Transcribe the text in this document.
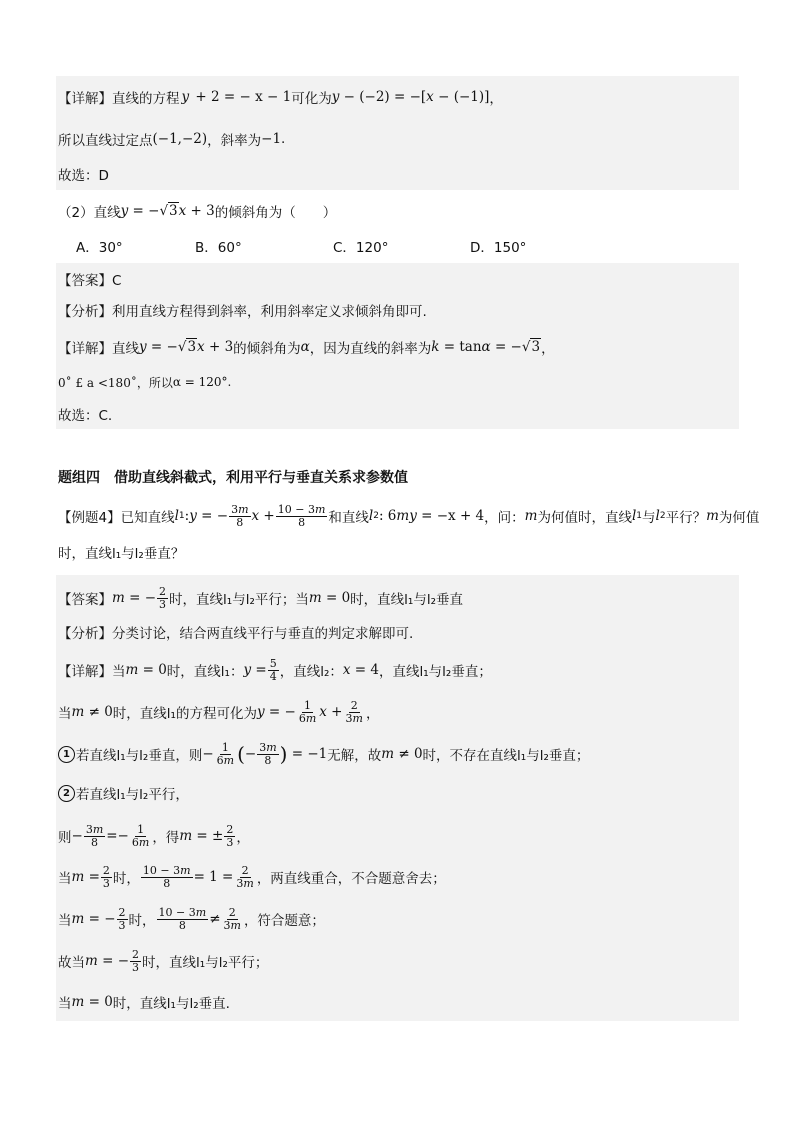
【详解】 直线的方程 y + 2 = − x − 1 可化为 y − (−2) = −[ x − (−1)] ，
所以直线过定点 (−1,−2) ，斜率为 −1 .
故选：D
（2）直线 y = −√3 x + 3 的倾斜角为（　　）
A．30°	B．60°	C．120°	D．150°
【答案】C
【分析】利用直线方程得到斜率，利用斜率定义求倾斜角即可.
【详解】 直线 y = −√3 x + 3 的倾斜角为 α ，因为直线的斜率为 k = tan α = −√3 ，
0˚ £ a <180˚，所以 α = 120°.
故选：C.
题组四　借助直线斜截式，利用平行与垂直关系求参数值
【例题4】 已知直线 l 1 : y = − $\frac{3m}{8}$ $x + \frac{10 - 3m}{8}$ 和直线 l 2 : 6 my = −x + 4 ，问： m 为何值时，直线 l 1 与 l 2 平行？ m 为何值
时，直线l₁与l₂垂直？
【答案】 m = − $\frac{2}{3}$ 时，直线l₁与l₂平行；当 m = 0 时，直线l₁与l₂垂直
【分析】分类讨论，结合两直线平行与垂直的判定求解即可.
【详解】 当 m = 0 时，直线l₁： $y = \frac{5}{4}$ ，直线l₂： x = 4 ，直线l₁与l₂垂直；
当 m ≠ 0 时，直线l₁的方程可化为 y = − $\frac{1}{6m}$ $x + \frac{2}{3m}$ ，
1 若直线l₁与l₂垂直，则 − $\frac{1}{6m}$ ( − $\frac{3m}{8}$ ) = −1 无解，故 m ≠ 0 时，不存在直线l₁与l₂垂直；
2 若直线l₁与l₂平行，
则 − $\frac{3m}{8} =- \frac{1}{6m}$ ，得 m = ± $\frac{2}{3}$ ，
当 $m = \frac{2}{3}$ 时， $\frac{10 - 3m}{8} = 1 = \frac{2}{3m}$ ，两直线重合，不合题意舍去；
当 m = − $\frac{2}{3}$ 时， $\frac{10 - 3m}{8} \ne \frac{2}{3m}$ ，符合题意；
故当 m = − $\frac{2}{3}$ 时，直线l₁与l₂平行；
当 m = 0 时，直线l₁与l₂垂直.
